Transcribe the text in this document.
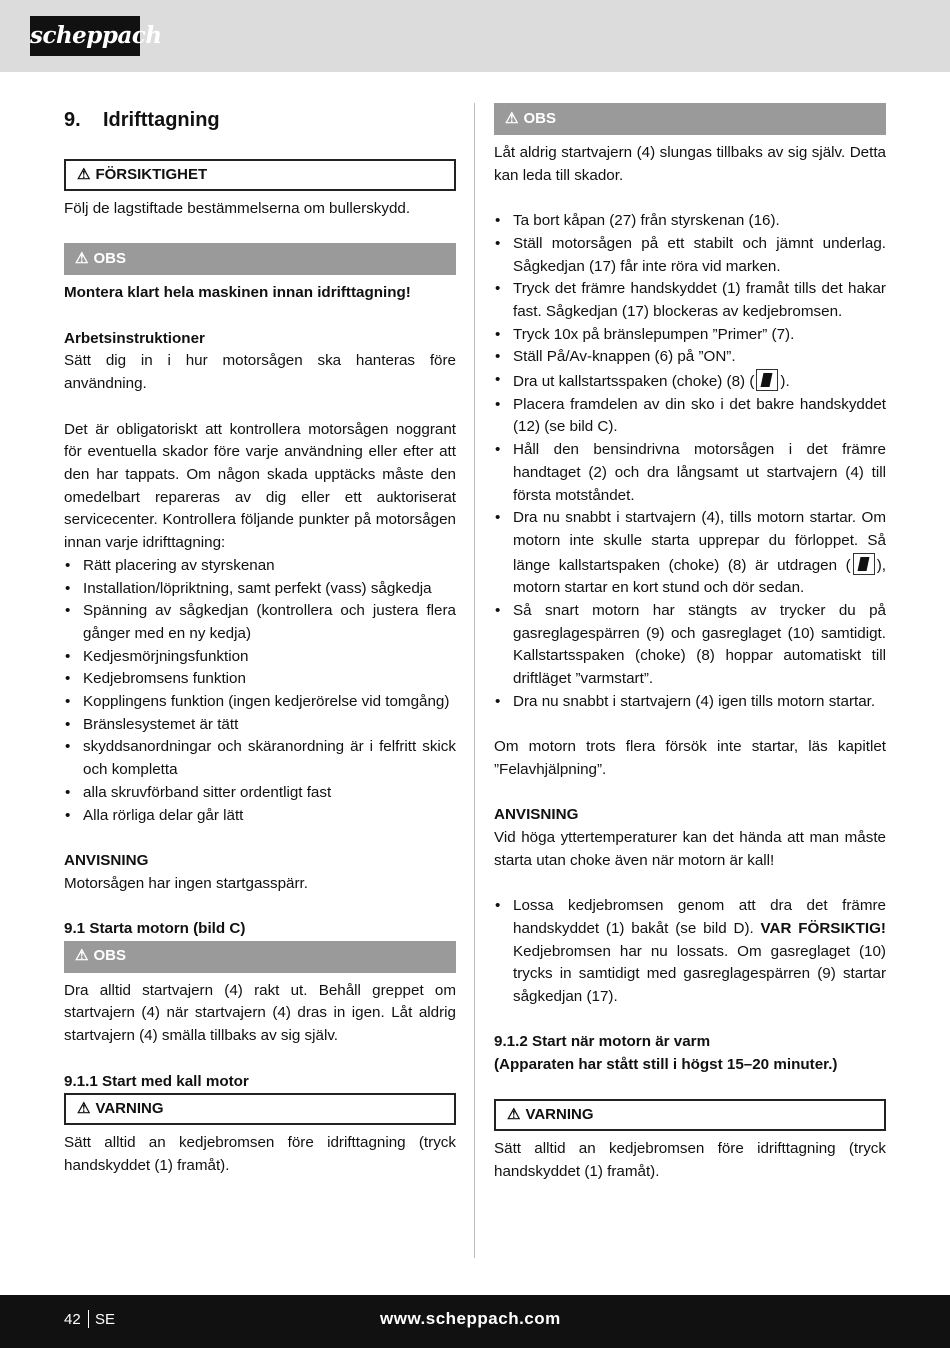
scheppach
9.	Idrifttagning
⚠ FÖRSIKTIGHET

Följ de lagstiftade bestämmelserna om bullerskydd.

⚠ OBS

Montera klart hela maskinen innan idrifttagning!

Arbetsinstruktioner

Sätt dig in i hur motorsågen ska hanteras före användning.

Det är obligatoriskt att kontrollera motorsågen noggrant för eventuella skador före varje användning eller efter att den har tappats. Om någon skada upptäcks måste den omedelbart repareras av dig eller ett auktoriserat servicecenter. Kontrollera följande punkter på motorsågen innan varje idrifttagning:

• Rätt placering av styrskenan
• Installation/löpriktning, samt perfekt (vass) sågkedja
• Spänning av sågkedjan (kontrollera och justera flera gånger med en ny kedja)
• Kedjesmörjningsfunktion
• Kedjebromsens funktion
• Kopplingens funktion (ingen kedjerörelse vid tomgång)
• Bränslesystemet är tätt
• skyddsanordningar och skäranordning är i felfritt skick och kompletta
• alla skruvförband sitter ordentligt fast
• Alla rörliga delar går lätt

ANVISNING

Motorsågen har ingen startgasspärr.

9.1 Starta motorn (bild C)

⚠ OBS

Dra alltid startvajern (4) rakt ut. Behåll greppet om startvajern (4) när startvajern (4) dras in igen. Låt aldrig startvajern (4) smälla tillbaks av sig själv.

9.1.1 Start med kall motor

⚠ VARNING

Sätt alltid an kedjebromsen före idrifttagning (tryck handskyddet (1) framåt).

⚠ OBS

Låt aldrig startvajern (4) slungas tillbaks av sig själv. Detta kan leda till skador.

• Ta bort kåpan (27) från styrskenan (16).
• Ställ motorsågen på ett stabilt och jämnt underlag. Sågkedjan (17) får inte röra vid marken.
• Tryck det främre handskyddet (1) framåt tills det hakar fast. Sågkedjan (17) blockeras av kedjebromsen.
• Tryck 10x på bränslepumpen ”Primer” (7).
• Ställ På/Av-knappen (6) på ”ON”.
• Dra ut kallstartsspaken (choke) (8) ( ).
• Placera framdelen av din sko i det bakre handskyddet (12) (se bild C).
• Håll den bensindrivna motorsågen i det främre handtaget (2) och dra långsamt ut startvajern (4) till första motståndet.
• Dra nu snabbt i startvajern (4), tills motorn startar. Om motorn inte skulle starta upprepar du förloppet. Så länge kallstartspaken (choke) (8) är utdragen ( ), motorn startar en kort stund och dör sedan.
• Så snart motorn har stängts av trycker du på gasreglagespärren (9) och gasreglaget (10) samtidigt. Kallstartsspaken (choke) (8) hoppar automatiskt till driftläget ”varmstart”.
• Dra nu snabbt i startvajern (4) igen tills motorn startar.

Om motorn trots flera försök inte startar, läs kapitlet ”Felavhjälpning”.

ANVISNING

Vid höga yttertemperaturer kan det hända att man måste starta utan choke även när motorn är kall!

• Lossa kedjebromsen genom att dra det främre handskyddet (1) bakåt (se bild D). VAR FÖRSIKTIG! Kedjebromsen har nu lossats. Om gasreglaget (10) trycks in samtidigt med gasreglagespärren (9) startar sågkedjan (17).

9.1.2 Start när motorn är varm

(Apparaten har stått still i högst 15–20 minuter.)

⚠ VARNING

Sätt alltid an kedjebromsen före idrifttagning (tryck handskyddet (1) framåt).

42 SE	www.scheppach.com
